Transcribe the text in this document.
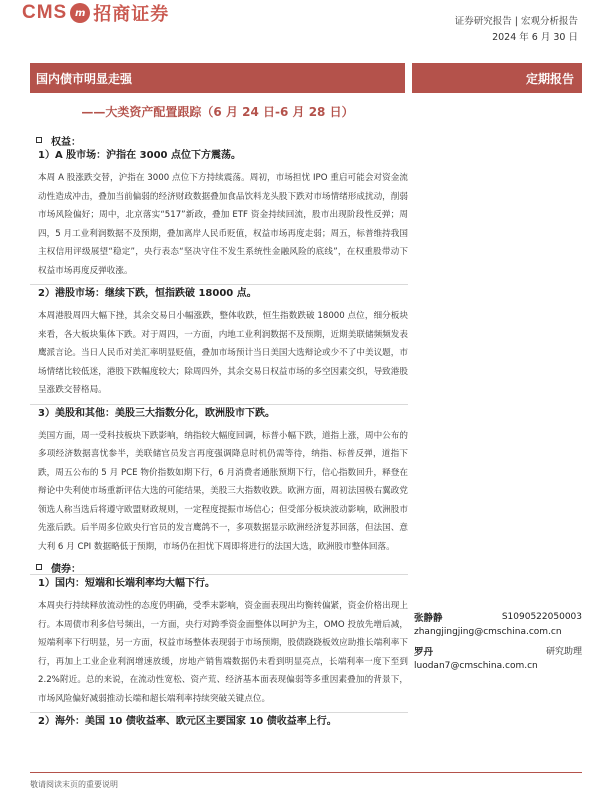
CMS m 招商证券	证券研究报告 | 宏观分析报告
2024 年 6 月 30 日
国内债市明显走强	定期报告
——大类资产配置跟踪（6 月 24 日-6 月 28 日）
权益：
1）A 股市场：沪指在 3000 点位下方震荡。
本周 A 股涨跌交替，沪指在 3000 点位下方持续震荡。周初，市场担忧 IPO 重启可能会对资金流动性造成冲击，叠加当前偏弱的经济财政数据叠加食品饮料龙头股下跌对市场情绪形成扰动，削弱市场风险偏好；周中，北京落实“517”新政，叠加 ETF 资金持续回流，股市出现阶段性反弹；周四，5 月工业利润数据不及预期，叠加离岸人民币贬值，权益市场再度走弱；周五，标普维持我国主权信用评级展望“稳定”，央行表态“坚决守住不发生系统性金融风险的底线”，在权重股带动下权益市场再度反弹收涨。
2）港股市场：继续下跌，恒指跌破 18000 点。
本周港股周四大幅下挫，其余交易日小幅涨跌，整体收跌，恒生指数跌破 18000 点位，细分板块来看，各大板块集体下跌。对于周四，一方面，内地工业利润数据不及预期，近期美联储频频发表鹰派言论。当日人民币对美汇率明显贬值，叠加市场预计当日美国大选辩论或少不了中美议题，市场情绪比较低迷，港股下跌幅度较大；除周四外，其余交易日权益市场的多空因素交织，导致港股呈涨跌交替格局。
3）美股和其他：美股三大指数分化，欧洲股市下跌。
美国方面，周一受科技板块下跌影响，纳指较大幅度回调，标普小幅下跌，道指上涨，周中公布的多项经济数据喜忧参半，美联储官员发言再度强调降息时机仍需等待，纳指、标普反弹，道指下跌，周五公布的 5 月 PCE 物价指数如期下行，6 月消费者通胀预期下行，信心指数回升，释登在辩论中失利使市场重新评估大选的可能结果，美股三大指数收跌。欧洲方面，周初法国极右翼政党领选人称当选后将遵守欧盟财政规则，一定程度提振市场信心；但受部分板块波动影响，欧洲股市先涨后跌。后半周多位欧央行官员的发言鹰鸽不一，多项数据显示欧洲经济复苏回落，但法国、意大利 6 月 CPI 数据略低于预期，市场仍在担忧下周即将进行的法国大选，欧洲股市整体回落。
债券：
1）国内：短端和长端利率均大幅下行。
本周央行持续释放流动性的态度仍明确，受季末影响，资金面表现出均衡转偏紧，资金价格出现上行。本周债市利多信号频出，一方面，央行对跨季资金面整体以呵护为主，OMO 投放先增后减，短端利率下行明显，另一方面，权益市场整体表现弱于市场预期，股债跷跷板效应助推长端利率下行，再加上工业企业利润增速放缓，房地产销售端数据仍未看到明显亮点，长端利率一度下至到 2.2%附近。总的来说，在流动性宽松、资产荒、经济基本面表现偏弱等多重因素叠加的背景下，市场风险偏好减弱推动长端和超长端利率持续突破关键点位。
2）海外：美国 10 债收益率、欧元区主要国家 10 债收益率上行。
张静静	S1090522050003
zhangjingjing@cmschina.com.cn
罗丹	研究助理
luodan7@cmschina.com.cn
敬请阅读末页的重要说明
